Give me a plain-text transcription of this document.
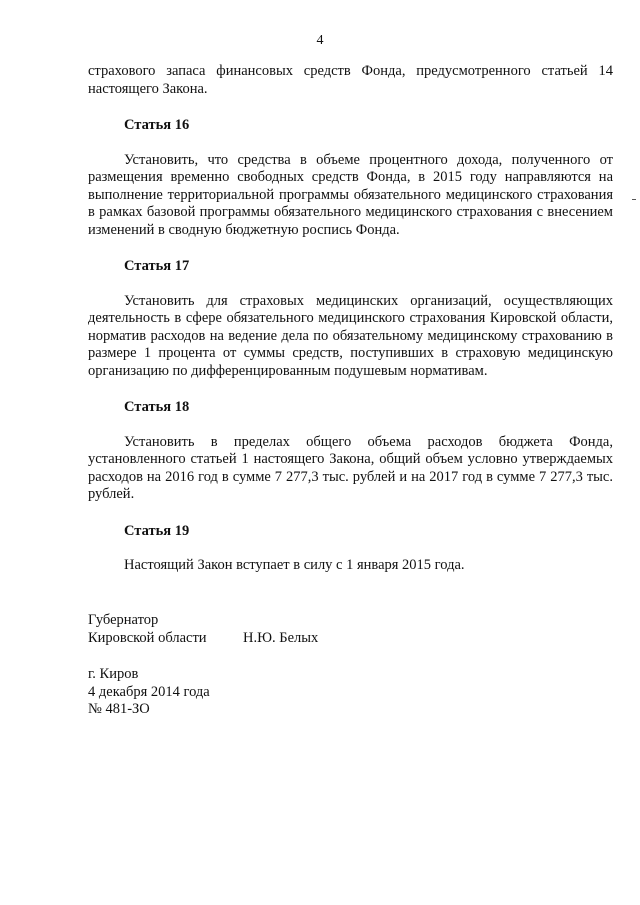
4

страхового запаса финансовых средств Фонда, предусмотренного статьей 14 настоящего Закона.

Статья 16

Установить, что средства в объеме процентного дохода, полученного от размещения временно свободных средств Фонда, в 2015 году направляются на выполнение территориальной программы обязательного медицинского страхования в рамках базовой программы обязательного медицинского страхования с внесением изменений в сводную бюджетную роспись Фонда.

Статья 17

Установить для страховых медицинских организаций, осуществляющих деятельность в сфере обязательного медицинского страхования Кировской области, норматив расходов на ведение дела по обязательному медицинскому страхованию в размере 1 процента от суммы средств, поступивших в страховую медицинскую организацию по дифференцированным подушевым нормативам.

Статья 18

Установить в пределах общего объема расходов бюджета Фонда, установленного статьей 1 настоящего Закона, общий объем условно утверждаемых расходов на 2016 год в сумме 7 277,3 тыс. рублей и на 2017 год в сумме 7 277,3 тыс. рублей.

Статья 19

Настоящий Закон вступает в силу с 1 января 2015 года.

Губернатор
Кировской области	Н.Ю. Белых
г. Киров
4 декабря 2014 года
№ 481-ЗО
